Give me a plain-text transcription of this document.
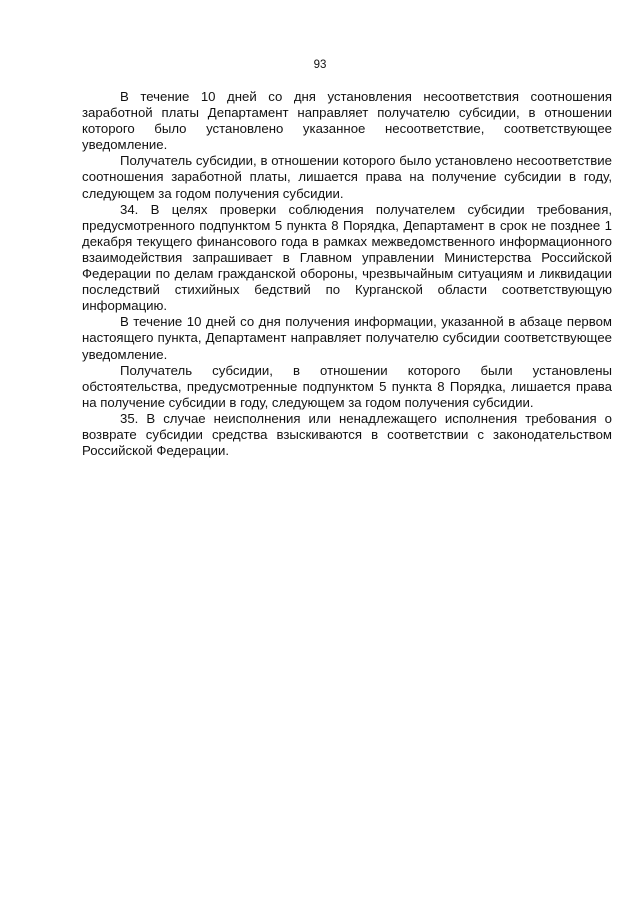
93

В течение 10 дней со дня установления несоответствия соотношения заработной платы Департамент направляет получателю субсидии, в отношении которого было установлено указанное несоответствие, соответствующее уведомление.

Получатель субсидии, в отношении которого было установлено несоответствие соотношения заработной платы, лишается права на получение субсидии в году, следующем за годом получения субсидии.

34. В целях проверки соблюдения получателем субсидии требования, предусмотренного подпунктом 5 пункта 8 Порядка, Департамент в срок не позднее 1 декабря текущего финансового года в рамках межведомственного информационного взаимодействия запрашивает в Главном управлении Министерства Российской Федерации по делам гражданской обороны, чрезвычайным ситуациям и ликвидации последствий стихийных бедствий по Курганской области соответствующую информацию.

В течение 10 дней со дня получения информации, указанной в абзаце первом настоящего пункта, Департамент направляет получателю субсидии соответствующее уведомление.

Получатель субсидии, в отношении которого были установлены обстоятельства, предусмотренные подпунктом 5 пункта 8 Порядка, лишается права на получение субсидии в году, следующем за годом получения субсидии.

35. В случае неисполнения или ненадлежащего исполнения требования о возврате субсидии средства взыскиваются в соответствии с законодательством Российской Федерации.
